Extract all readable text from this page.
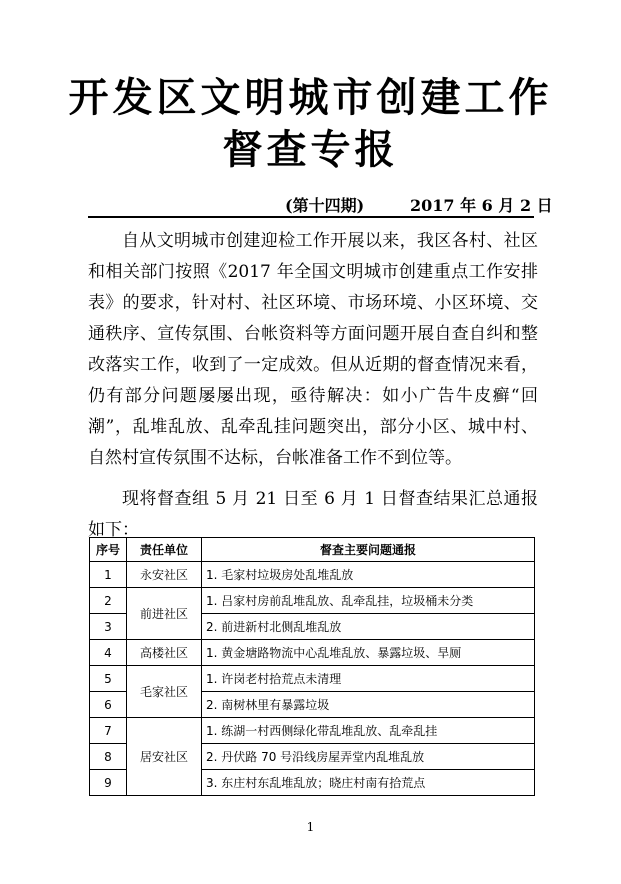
开发区文明城市创建工作
督查专报
(第十四期)	2017 年 6 月 2 日

自从文明城市创建迎检工作开展以来，我区各村、社区和相关部门按照《2017 年全国文明城市创建重点工作安排表》的要求，针对村、社区环境、市场环境、小区环境、交通秩序、宣传氛围、台帐资料等方面问题开展自查自纠和整改落实工作，收到了一定成效。但从近期的督查情况来看，仍有部分问题屡屡出现，亟待解决：如小广告牛皮癣“回潮”，乱堆乱放、乱牵乱挂问题突出，部分小区、城中村、自然村宣传氛围不达标，台帐准备工作不到位等。

现将督查组 5 月 21 日至 6 月 1 日督查结果汇总通报如下：

序号	责任单位	督查主要问题通报
1	永安社区	1. 毛家村垃圾房处乱堆乱放
2	前进社区	1. 吕家村房前乱堆乱放、乱牵乱挂，垃圾桶未分类
3		2. 前进新村北侧乱堆乱放
4	高楼社区	1. 黄金塘路物流中心乱堆乱放、暴露垃圾、旱厕
5	毛家社区	1. 许岗老村拾荒点未清理
6		2. 南树林里有暴露垃圾
7	居安社区	1. 练湖一村西侧绿化带乱堆乱放、乱牵乱挂
8		2. 丹伏路 70 号沿线房屋弄堂内乱堆乱放
9		3. 东庄村东乱堆乱放；晓庄村南有拾荒点
1
